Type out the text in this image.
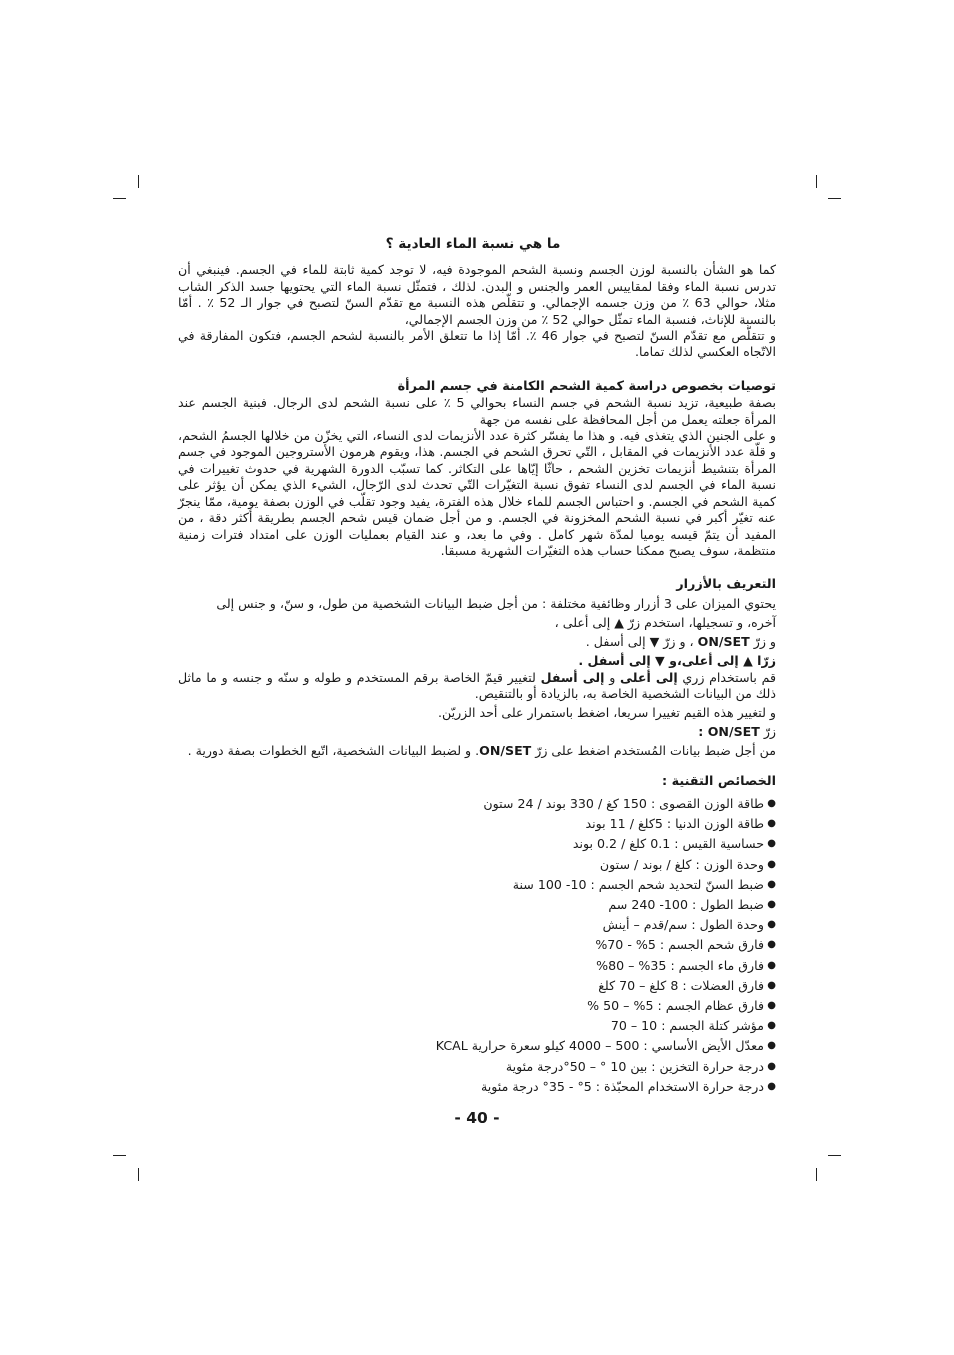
ما هي نسبة الماء العادية ؟

كما هو الشأن بالنسبة لوزن الجسم ونسبة الشحم الموجودة فيه، لا توجد كمية ثابتة للماء في الجسم. فينبغي أن تدرس نسبة الماء وفقا لمقاييس العمر والجنس و البدن. لذلك ، فتمثّل نسبة الماء التي يحتويها جسد الذكر الشاب مثلا، حوالي 63 ٪ من وزن جسمه الإجمالي. و تتقلّص هذه النسبة مع تقدّم السنّ لتصبح في جوار الـ 52 ٪ . أمّا بالنسبة للإناث، فنسبة الماء تمثّل حوالي 52 ٪ من وزن الجسم الإجمالي،

و تتقلّص مع تقدّم السنّ لتصبح في جوار 46 ٪. أمّا إذا ما تتعلق الأمر بالنسبة لشحم الجسم، فتكون المفارقة في الاتّجاه العكسي لذلك تماما.

توصيات بخصوص دراسة كمية الشحم الكامنة في جسم المرأة

بصفة طبيعية، تزيد نسبة الشحم في جسم النساء بحوالي 5 ٪ على نسبة الشحم لدى الرجال. فبنية الجسم عند المرأة جعلته يعمل من أجل المحافظة على نفسه من جهة

و على الجنين الذي يتغذى فيه. و هذا ما يفسّر كثرة عدد الأنزيمات لدى النساء، التي يخزّن من خلالها الجسمُ الشحم، و قلّة عدد الأنزيمات في المقابل ، التّي تحرق الشحم في الجسم. هذا، ويقوم هرمون الأستروجين الموجود في جسم المرأة بتنشيط أنزيمات تخزين الشحم ، حاثّا إيّاها على التكاثر. كما تسبّب الدورة الشهرية في حدوث تغييرات في نسبة الماء في الجسم لدى النساء تفوق نسبة التغيّرات التّي تحدث لدى الرّجال، الشيء الذي يمكن أن يؤثر على كمية الشحم في الجسم. و احتباس الجسم للماء خلال هذه الفترة، يفيد وجود تقلّب في الوزن بصفة يومية، ممّا ينجرّ عنه تغيّر أكبر في نسبة الشحم المخزونة في الجسم. و من أجل ضمان قيس شحم الجسم بطريقة أكثر دقة ، من المفيد أن يتمّ قيسه يوميا لمدّة شهر كامل . وفي ما بعد، و عند القيام بعمليات الوزن على امتداد فترات زمنية منتظمة، سوف يصبح ممكنا حساب هذه التغيّرات الشهرية مسبقا.

التعريف بالأزرار

يحتوي الميزان على 3 أزرار وظائفية مختلفة : من أجل ضبط البيانات الشخصية من طول، و سنّ، و جنس إلى

آخره، و تسجيلها، استخدم زرّ ▲ إلى أعلى ،

و زرّ ON/SET ، و زرّ ▼ إلى أسفل .

زرّا ▲ إلى أعلى،و ▼ إلى أسفل .

قم باستخدام زري إلى أعلى و إلى أسفل لتغيير قيمّ الخاصة برقم المستخدم و طوله و سنّه و جنسه و ما ماثل ذلك من البيانات الشخصية الخاصة به، بالزيادة أو بالتنقيص.

و لتغيير هذه القيم تغييرا سريعا، اضغط باستمرار على أحد الزريّن.

زرّ ON/SET :

من أجل ضبط بيانات المُستخدم اضغط على زرّ ON/SET. و لضبط البيانات الشخصية، اتّبع الخطوات بصفة دورية .

الخصائص التقنية :

●
طاقة الوزن القصوى : 150 كغ / 330 بوند / 24 ستون
●
طاقة الوزن الدنيا : 5كلغ / 11 بوند
●
حساسية القيس : 0.1 كلغ / 0.2 بوند
●
وحدة الوزن : كلغ / بوند / ستون
●
ضبط السنّ لتحديد شحم الجسم : 10- 100 سنة
●
ضبط الطول : 100- 240 سم
●
وحدة الطول : سم/قدم – أينش
●
فارق شحم الجسم : 5% - 70%
●
فارق ماء الجسم : 35% – 80%
●
فارق العضلات : 8 كلغ – 70 كلغ
●
فارق عظام الجسم : 5% – 50 %
●
مؤشر كتلة الجسم : 10 – 70
●
معدّل الأيض الأساسي : 500 – 4000 كيلو سعرة حرارية KCAL
●
درجة حرارة التخزين : بين 10 ° – 50°درجة مئوية
●
درجة حرارة الاستخدام المحبّذة : 5° - 35° درجة مئوية
- 40 -
